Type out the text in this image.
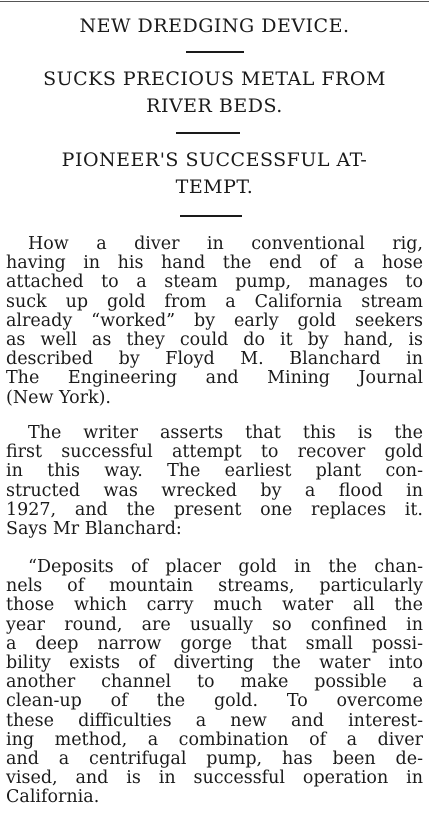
NEW DREDGING DEVICE.
SUCKS PRECIOUS METAL FROM
RIVER BEDS.
PIONEER'S SUCCESSFUL AT-
TEMPT.
How a diver in conventional rig,
having in his hand the end of a hose
attached to a steam pump, manages to
suck up gold from a California stream
already “worked” by early gold seekers
as well as they could do it by hand, is
described by Floyd M. Blanchard in
The Engineering and Mining Journal
(New York).
The writer asserts that this is the
first successful attempt to recover gold
in this way. The earliest plant con-
structed was wrecked by a flood in
1927, and the present one replaces it.
Says Mr Blanchard:
“Deposits of placer gold in the chan-
nels of mountain streams, particularly
those which carry much water all the
year round, are usually so confined in
a deep narrow gorge that small possi-
bility exists of diverting the water into
another channel to make possible a
clean-up of the gold. To overcome
these difficulties a new and interest-
ing method, a combination of a diver
and a centrifugal pump, has been de-
vised, and is in successful operation in
California.
